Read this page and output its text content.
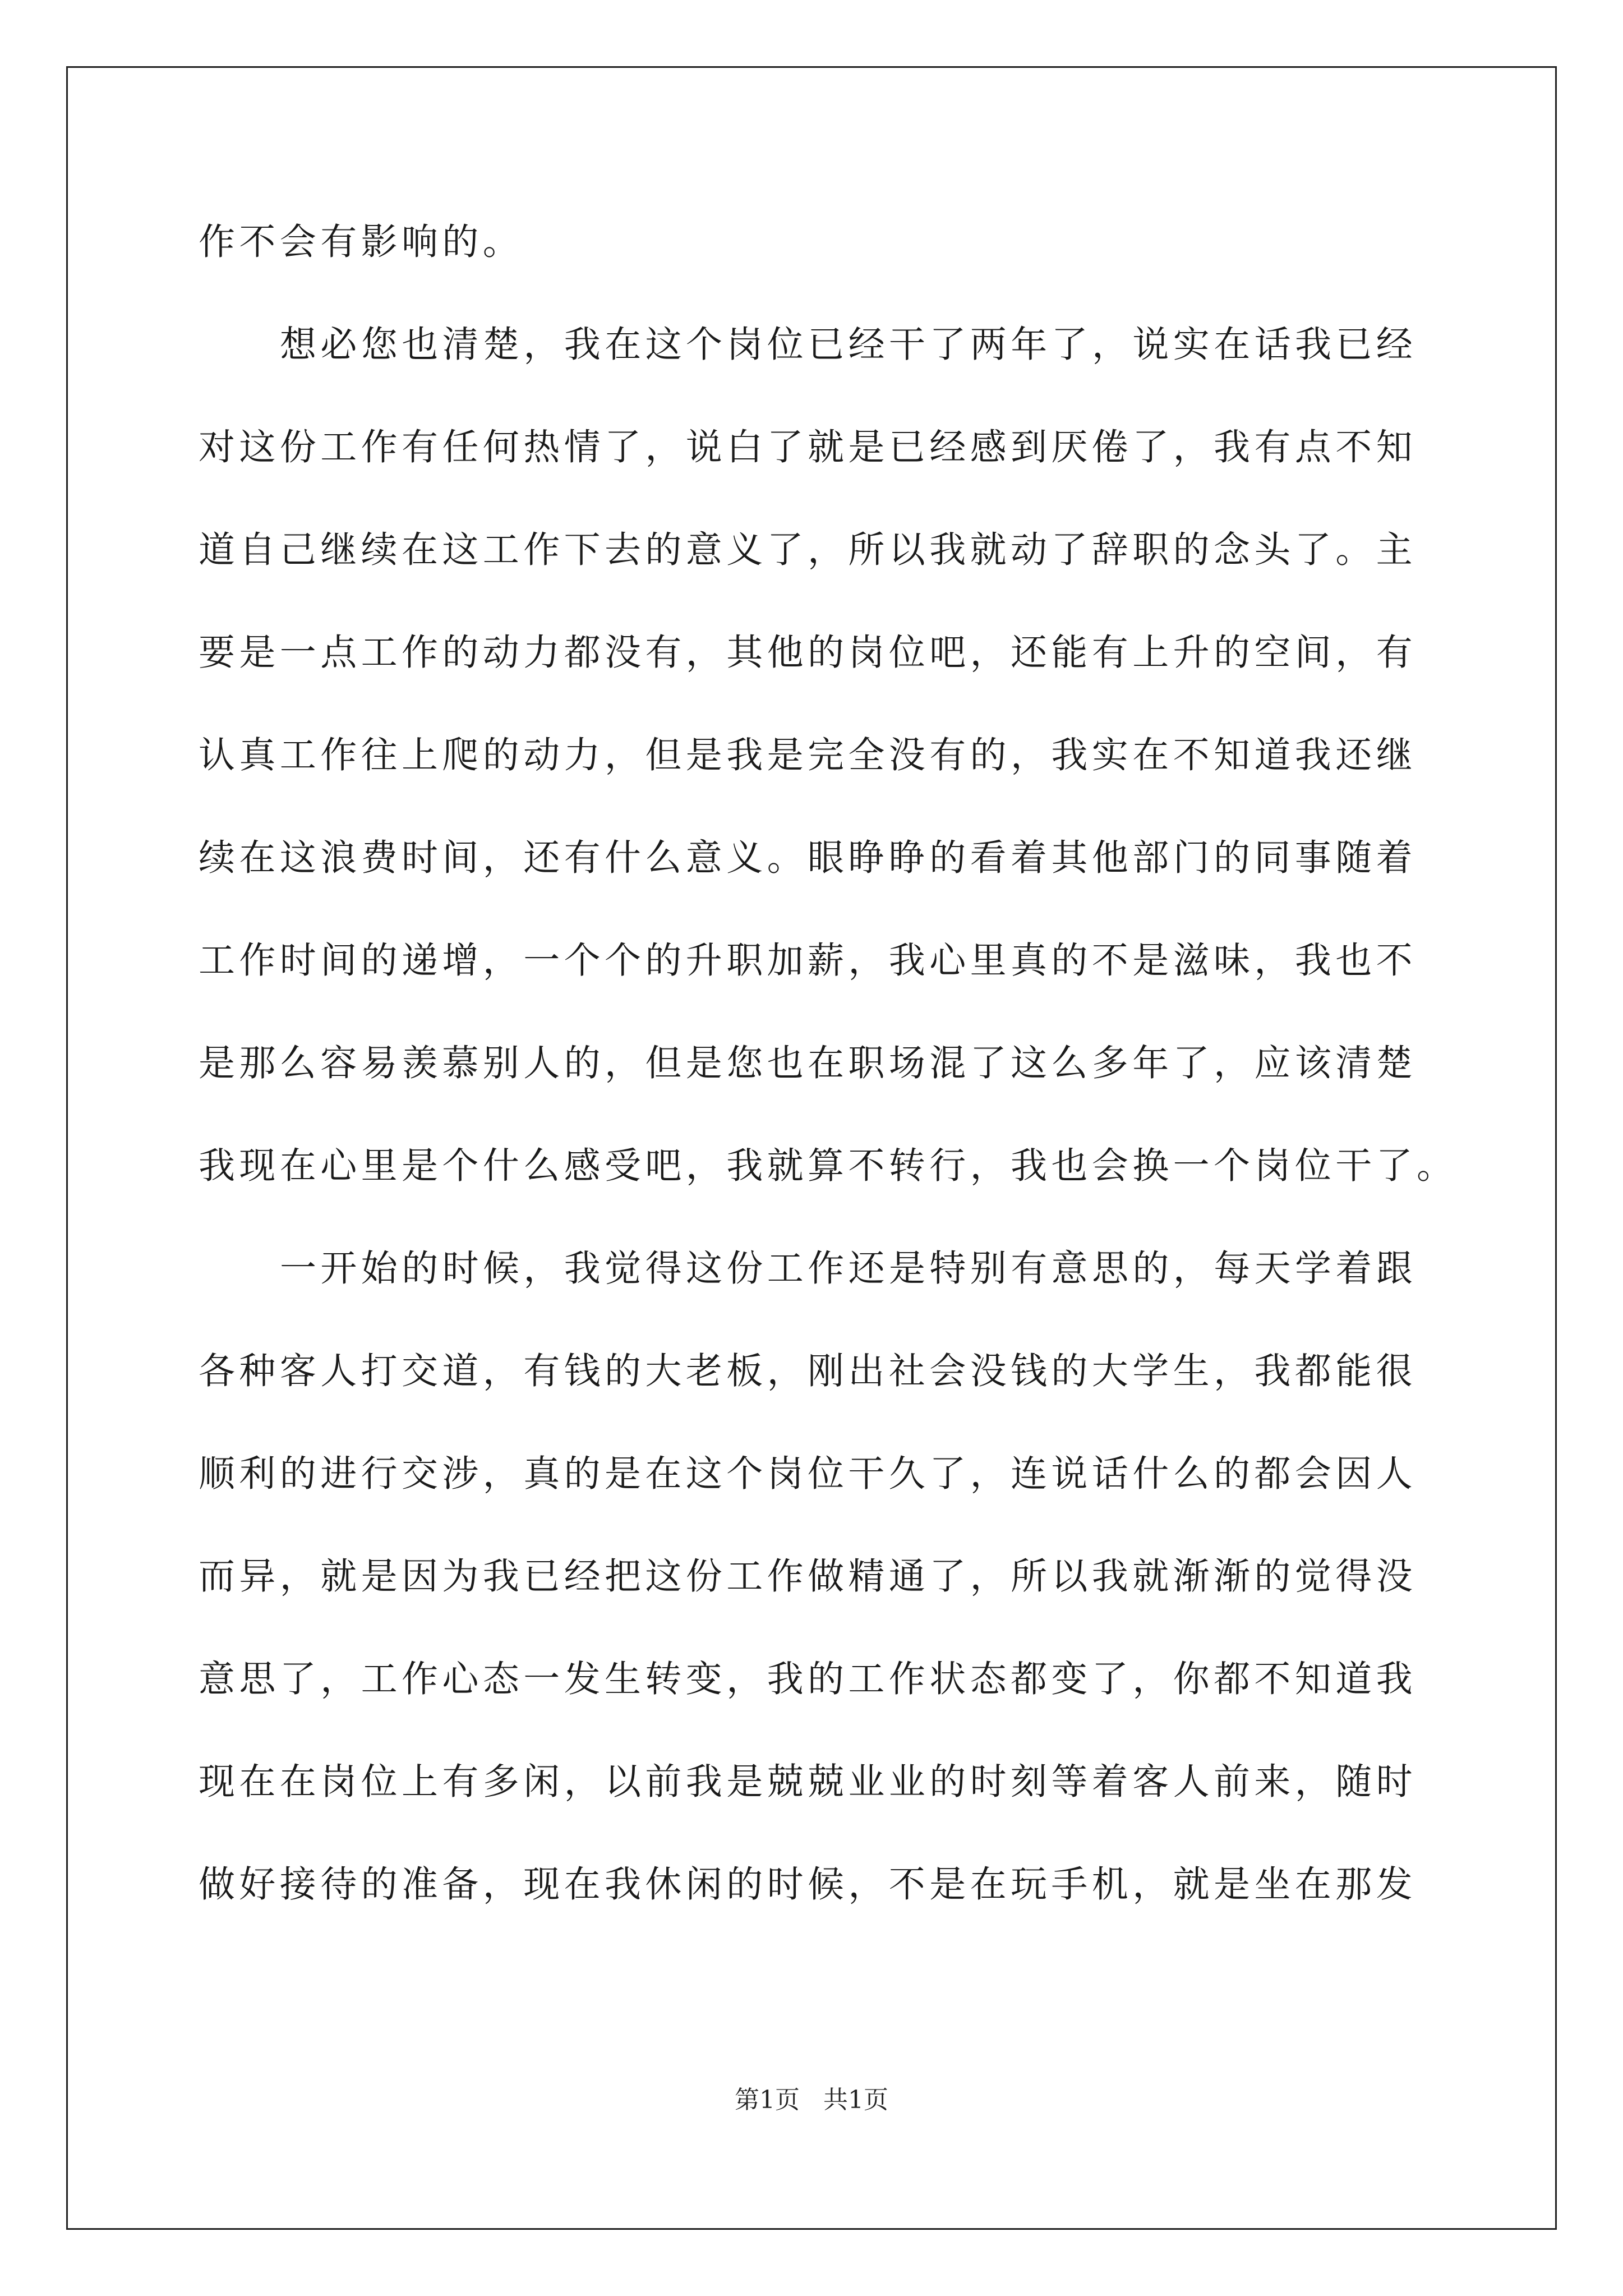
作不会有影响的。
想必您也清楚，我在这个岗位已经干了两年了，说实在话我已经
对这份工作有任何热情了，说白了就是已经感到厌倦了，我有点不知
道自己继续在这工作下去的意义了，所以我就动了辞职的念头了。主
要是一点工作的动力都没有，其他的岗位吧，还能有上升的空间，有
认真工作往上爬的动力，但是我是完全没有的，我实在不知道我还继
续在这浪费时间，还有什么意义。眼睁睁的看着其他部门的同事随着
工作时间的递增，一个个的升职加薪，我心里真的不是滋味，我也不
是那么容易羡慕别人的，但是您也在职场混了这么多年了，应该清楚
我现在心里是个什么感受吧，我就算不转行，我也会换一个岗位干了。
一开始的时候，我觉得这份工作还是特别有意思的，每天学着跟
各种客人打交道，有钱的大老板，刚出社会没钱的大学生，我都能很
顺利的进行交涉，真的是在这个岗位干久了，连说话什么的都会因人
而异，就是因为我已经把这份工作做精通了，所以我就渐渐的觉得没
意思了，工作心态一发生转变，我的工作状态都变了，你都不知道我
现在在岗位上有多闲，以前我是兢兢业业的时刻等着客人前来，随时
做好接待的准备，现在我休闲的时候，不是在玩手机，就是坐在那发
第1页   共1页
